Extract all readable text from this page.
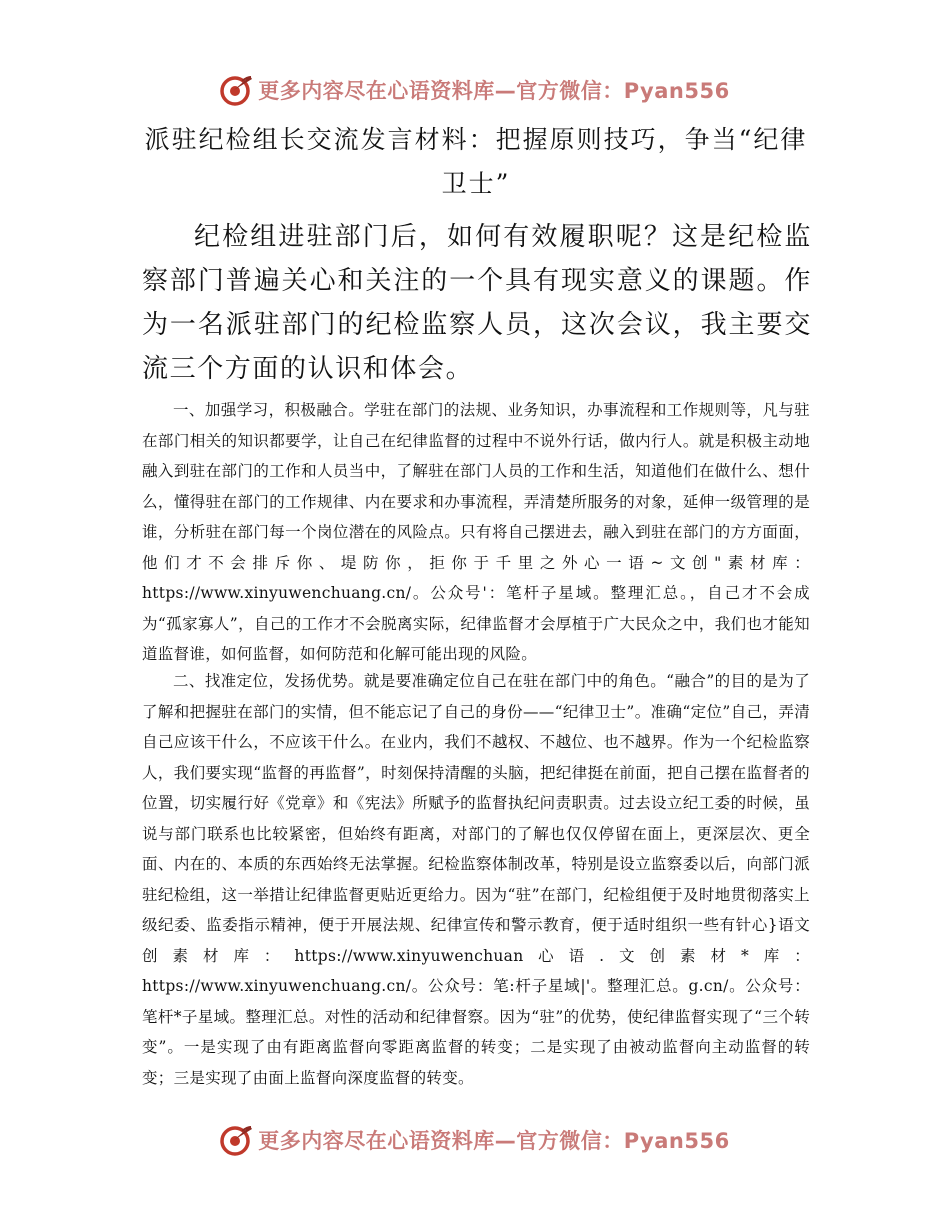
更多内容尽在心语资料库—官方微信：Pyan556
派驻纪检组长交流发言材料：把握原则技巧，争当“纪律卫士”

纪检组进驻部门后，如何有效履职呢？这是纪检监察部门普遍关心和关注的一个具有现实意义的课题。作为一名派驻部门的纪检监察人员，这次会议，我主要交流三个方面的认识和体会。

一、加强学习，积极融合。学驻在部门的法规、业务知识，办事流程和工作规则等，凡与驻在部门相关的知识都要学，让自己在纪律监督的过程中不说外行话，做内行人。就是积极主动地融入到驻在部门的工作和人员当中，了解驻在部门人员的工作和生活，知道他们在做什么、想什么，懂得驻在部门的工作规律、内在要求和办事流程，弄清楚所服务的对象，延伸一级管理的是谁，分析驻在部门每一个岗位潜在的风险点。只有将自己摆进去，融入到驻在部门的方方面面，他们才不会排斥你、堤防你，拒你于千里之外心一语~文创"素材库：https://www.xinyuwenchuang.cn/。公众号'：笔杆子星域。整理汇总。，自己才不会成为“孤家寡人”，自己的工作才不会脱离实际，纪律监督才会厚植于广大民众之中，我们也才能知道监督谁，如何监督，如何防范和化解可能出现的风险。

二、找准定位，发扬优势。就是要准确定位自己在驻在部门中的角色。“融合”的目的是为了了解和把握驻在部门的实情，但不能忘记了自己的身份——“纪律卫士”。准确“定位”自己，弄清自己应该干什么，不应该干什么。在业内，我们不越权、不越位、也不越界。作为一个纪检监察人，我们要实现“监督的再监督”，时刻保持清醒的头脑，把纪律挺在前面，把自己摆在监督者的位置，切实履行好《党章》和《宪法》所赋予的监督执纪问责职责。过去设立纪工委的时候，虽说与部门联系也比较紧密，但始终有距离，对部门的了解也仅仅停留在面上，更深层次、更全面、内在的、本质的东西始终无法掌握。纪检监察体制改革，特别是设立监察委以后，向部门派驻纪检组，这一举措让纪律监督更贴近更给力。因为“驻”在部门，纪检组便于及时地贯彻落实上级纪委、监委指示精神，便于开展法规、纪律宣传和警示教育，便于适时组织一些有针心}语文创素材库：https://www.xinyuwenchuan心语.文创素材*库：https://www.xinyuwenchuang.cn/。公众号：笔:杆子星域|'。整理汇总。g.cn/。公众号：笔杆*子星域。整理汇总。对性的活动和纪律督察。因为“驻”的优势，使纪律监督实现了“三个转变”。一是实现了由有距离监督向零距离监督的转变；二是实现了由被动监督向主动监督的转变；三是实现了由面上监督向深度监督的转变。

更多内容尽在心语资料库—官方微信：Pyan556
